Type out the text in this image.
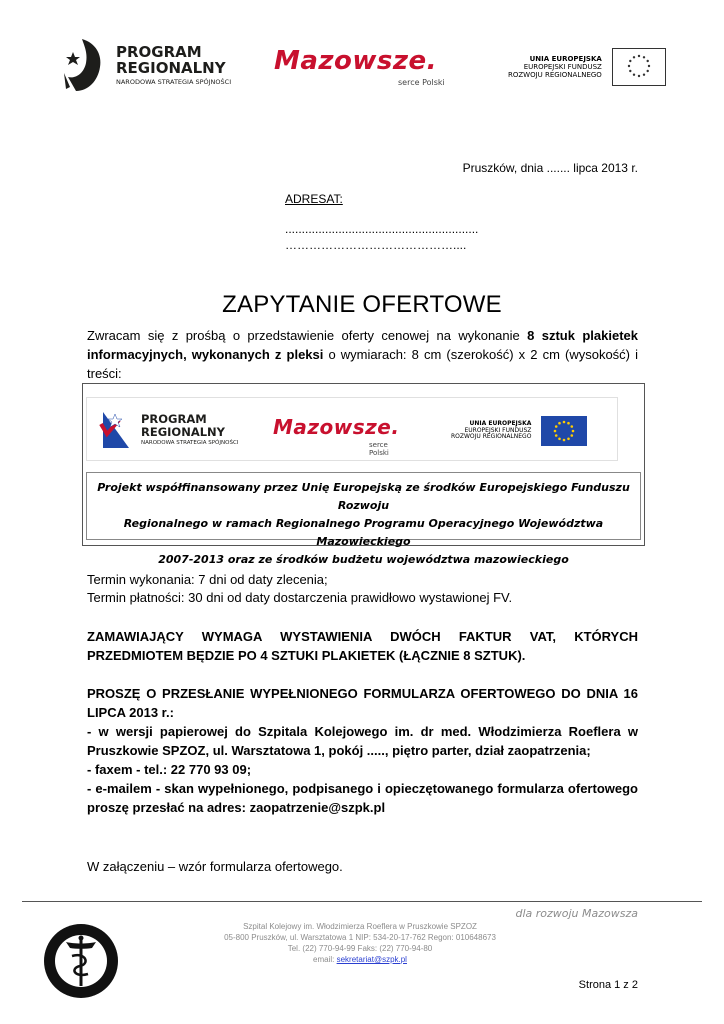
PROGRAM
REGIONALNY
NARODOWA STRATEGIA SPÓJNOŚCI
Mazowsze.
serce Polski
UNIA EUROPEJSKA
EUROPEJSKI FUNDUSZ
ROZWOJU REGIONALNEGO
Pruszków, dnia ....... lipca 2013 r.
ADRESAT:
..........................................................
……………………………………....
ZAPYTANIE OFERTOWE
Zwracam się z prośbą o przedstawienie oferty cenowej na wykonanie 8 sztuk plakietek informacyjnych, wykonanych z pleksi o wymiarach: 8 cm (szerokość) x 2 cm (wysokość) i treści:
PROGRAM
REGIONALNY
NARODOWA STRATEGIA SPÓJNOŚCI
Mazowsze.
serce Polski
UNIA EUROPEJSKA
EUROPEJSKI FUNDUSZ
ROZWOJU REGIONALNEGO
Projekt współfinansowany przez Unię Europejską ze środków Europejskiego Funduszu Rozwoju
Regionalnego w ramach Regionalnego Programu Operacyjnego Województwa Mazowieckiego
2007-2013 oraz ze środków budżetu województwa mazowieckiego
Termin wykonania: 7 dni od daty zlecenia;
Termin płatności: 30 dni od daty dostarczenia prawidłowo wystawionej FV.
ZAMAWIAJĄCY WYMAGA WYSTAWIENIA DWÓCH FAKTUR VAT, KTÓRYCH PRZEDMIOTEM BĘDZIE PO 4 SZTUKI PLAKIETEK (ŁĄCZNIE 8 SZTUK).
PROSZĘ O PRZESŁANIE WYPEŁNIONEGO FORMULARZA OFERTOWEGO DO DNIA 16 LIPCA 2013 r.:
- w wersji papierowej do Szpitala Kolejowego im. dr med. Włodzimierza Roeflera w Pruszkowie SPZOZ, ul. Warsztatowa 1, pokój ....., piętro parter, dział zaopatrzenia;
- faxem - tel.: 22 770 93 09;
- e-mailem - skan wypełnionego, podpisanego i opieczętowanego formularza ofertowego proszę przesłać na adres: zaopatrzenie@szpk.pl
W załączeniu – wzór formularza ofertowego.
dla rozwoju Mazowsza
Szpital Kolejowy im. Włodzimierza Roeflera w Pruszkowie SPZOZ
05-800 Pruszków, ul. Warsztatowa 1 NIP: 534-20-17-762 Regon: 010648673
Tel. (22) 770-94-99 Faks: (22) 770-94-80
email: sekretariat@szpk.pl
Strona 1 z 2
